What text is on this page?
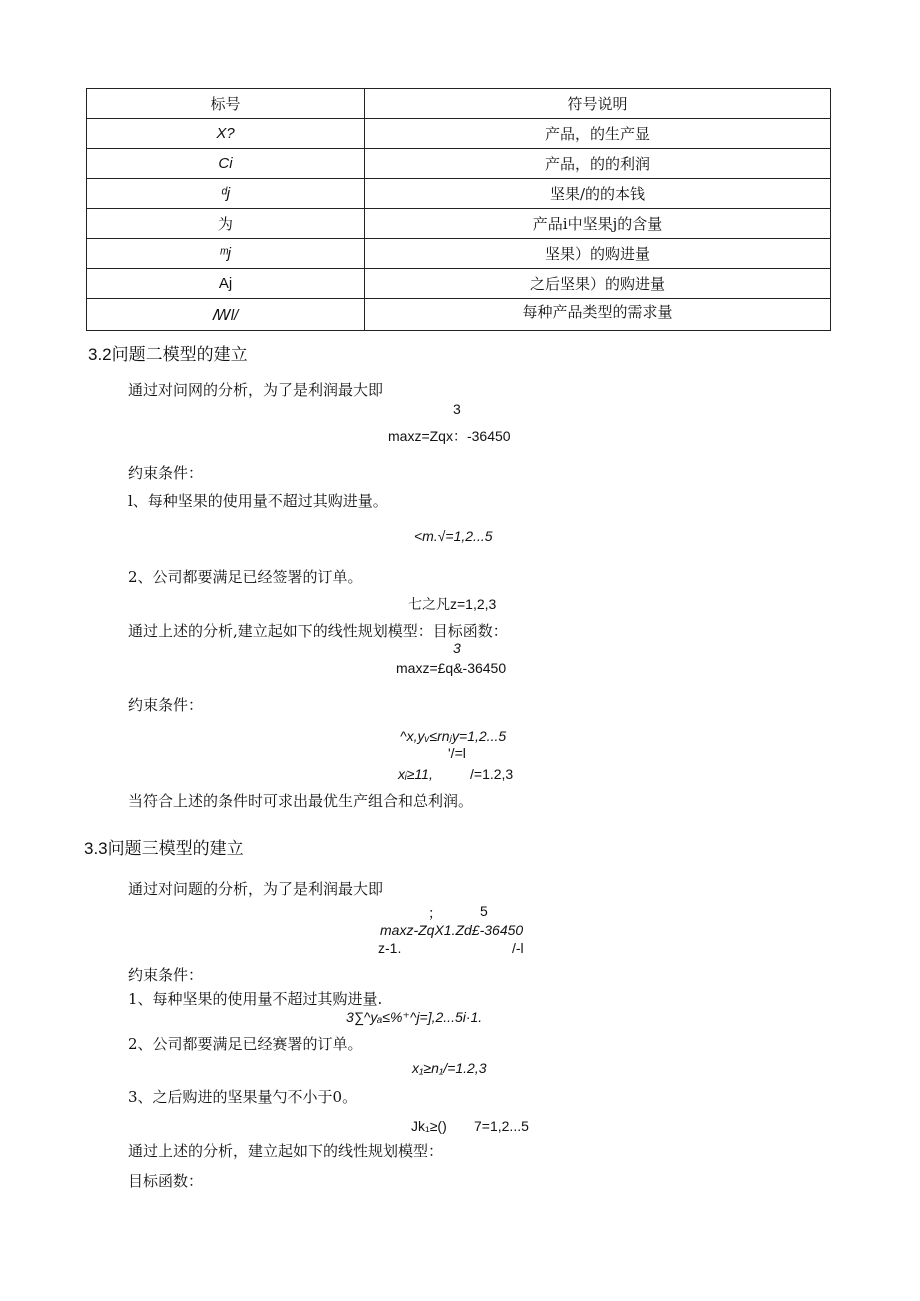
标号	符号说明
X?	产品，的生产显
Ci	产品，的的利润
ᵈj	坚果/的的本钱
为	产品i中坚果j的含量
ᵐj	坚果）的购进量
Aj	之后坚果）的购进量
ꟿl/	每种产品类型的需求量
3.2问题二模型的建立
通过对问网的分析，为了是利润最大即
3
maxz=Zqx：-36450
约束条件：
l、每种坚果的使用量不超过其购进量。
<m.√=1,2...5
2、公司都要满足已经签署的订单。
七之凡z=1,2,3
通过上述的分析,建立起如下的线性规划模型：目标函数：
3
maxz=£q&-36450
约束条件：
^x,yᵥ≤rnⱼy=1,2...5
'/=l
xᵢ≥11,	/=1.2,3
当符合上述的条件时可求出最优生产组合和总利润。
3.3问题三模型的建立
通过对问题的分析，为了是利润最大即
；	5
maxz-ZqX1.Zd£-36450
z-1.	/-l
约束条件：
1、每种坚果的使用量不超过其购进量.
3∑^yₐ≤%⁺^j=],2...5i·1.
2、公司都要满足已经赛署的订单。
x₁≥n₁/=1.2,3
3、之后购进的坚果量勺不小于0。
Jk₁≥() 7=1,2...5
通过上述的分析，建立起如下的线性规划模型：
目标函数：
